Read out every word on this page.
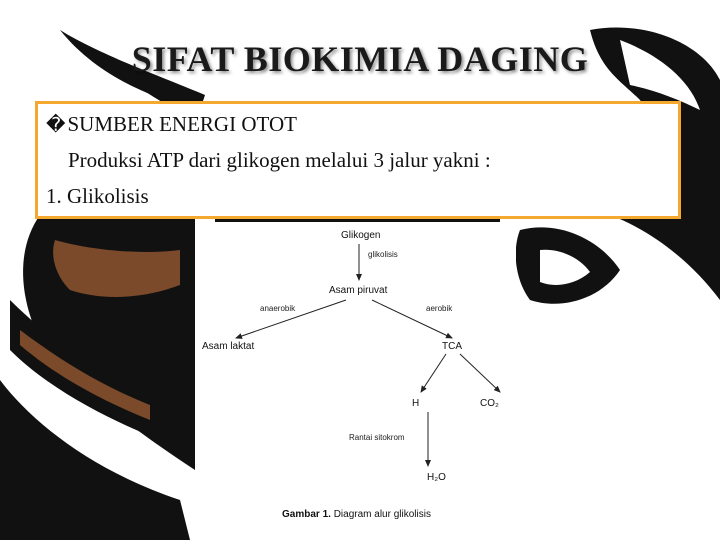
SIFAT BIOKIMIA DAGING
�SUMBER ENERGI OTOT
Produksi ATP dari glikogen melalui 3 jalur yakni :
1. Glikolisis
Glikogen
glikolisis
Asam piruvat
anaerobik	aerobik
Asam laktat	TCA
H	CO₂
Rantai sitokrom
H₂O
Gambar 1. Diagram alur glikolisis
